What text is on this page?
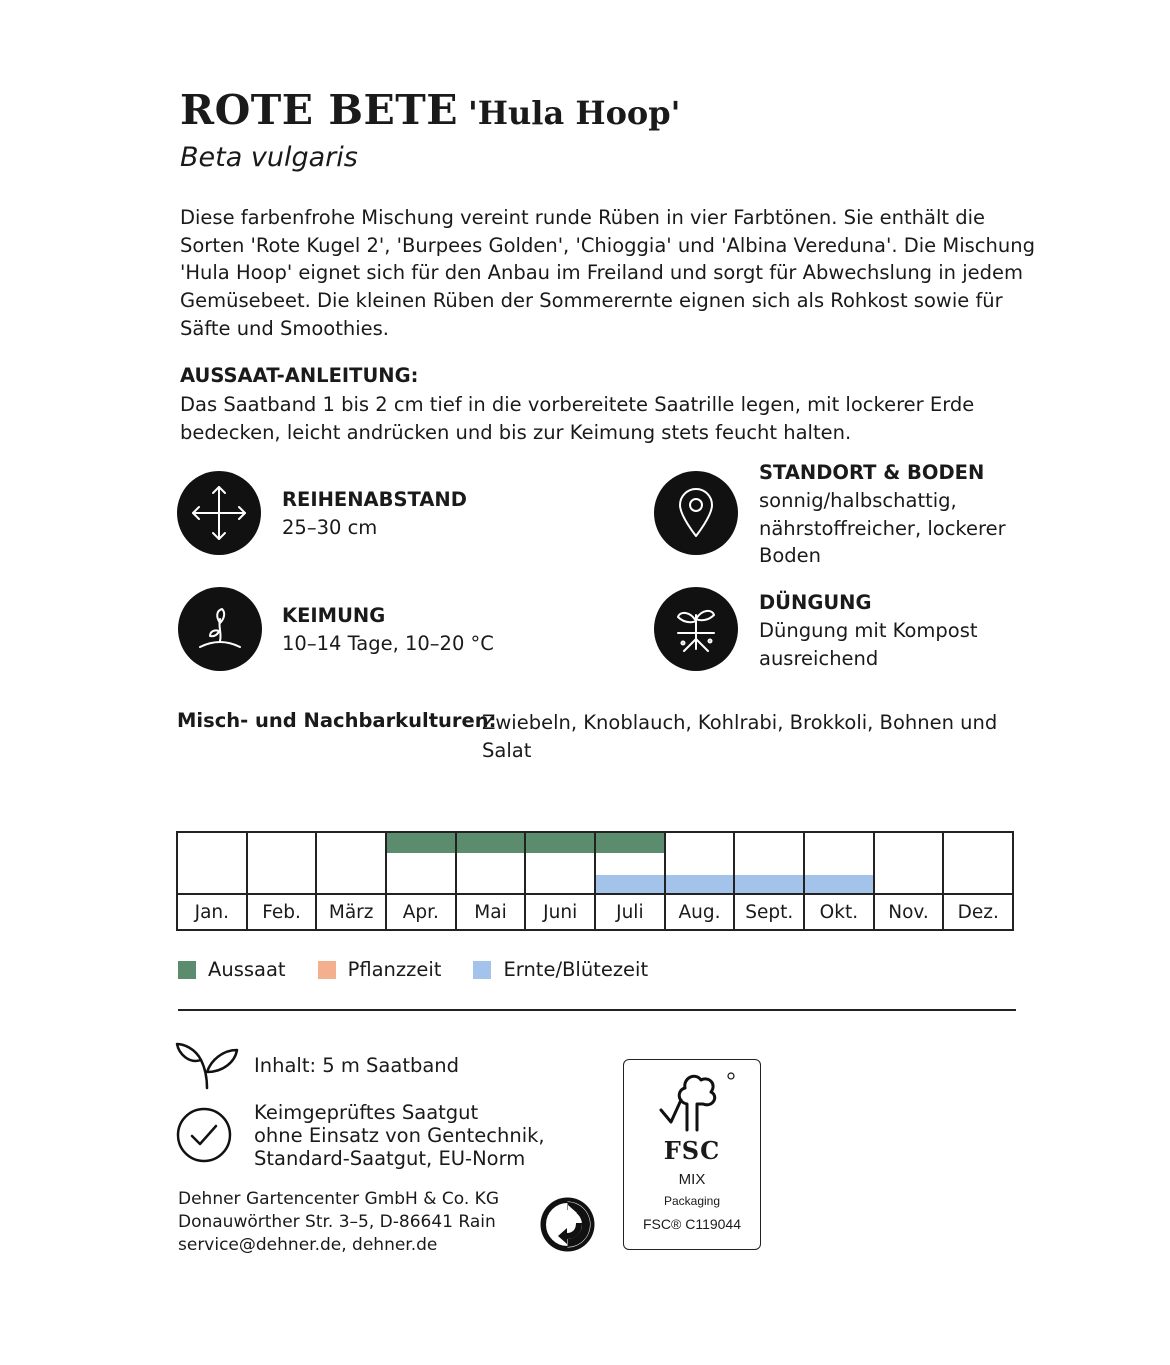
ROTE BETE 'Hula Hoop'
Beta vulgaris
Diese farbenfrohe Mischung vereint runde Rüben in vier Farbtönen. Sie enthält die Sorten 'Rote Kugel 2', 'Burpees Golden', 'Chioggia' und 'Albina Vereduna'. Die Mischung 'Hula Hoop' eignet sich für den Anbau im Freiland und sorgt für Abwechslung in jedem Gemüsebeet. Die kleinen Rüben der Sommerernte eignen sich als Rohkost sowie für Säfte und Smoothies.
AUSSAAT-ANLEITUNG:
Das Saatband 1 bis 2 cm tief in die vorbereitete Saatrille legen, mit lockerer Erde bedecken, leicht andrücken und bis zur Keimung stets feucht halten.
REIHENABSTAND
25–30 cm
STANDORT & BODEN
sonnig/halbschattig, nährstoffreicher, lockerer Boden
KEIMUNG
10–14 Tage, 10–20 °C
DÜNGUNG
Düngung mit Kompost ausreichend
Misch- und Nachbarkulturen:
Zwiebeln, Knoblauch, Kohlrabi, Brokkoli, Bohnen und Salat
Jan.	Feb.	März	Apr.	Mai	Juni	Juli	Aug.	Sept.	Okt.	Nov.	Dez.
Aussaat	Pflanzzeit	Ernte/Blütezeit
Inhalt: 5 m Saatband
Keimgeprüftes Saatgut
ohne Einsatz von Gentechnik,
Standard-Saatgut, EU-Norm
Dehner Gartencenter GmbH & Co. KG
Donauwörther Str. 3–5, D-86641 Rain
service@dehner.de, dehner.de
FSC
MIX
Packaging
FSC® C119044
